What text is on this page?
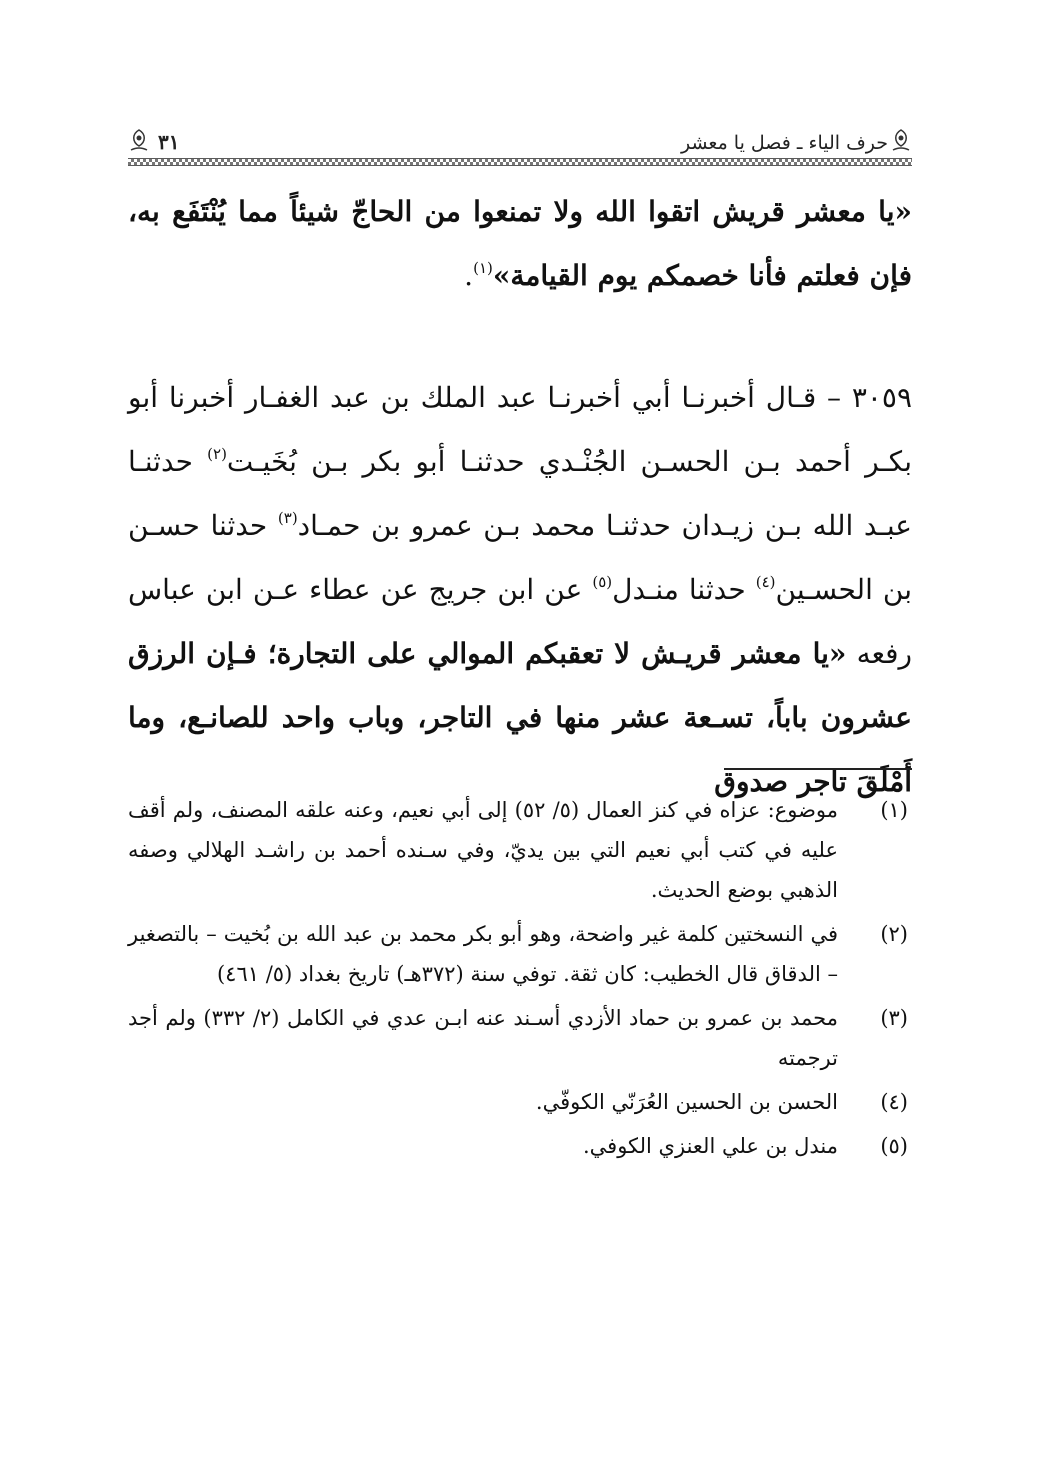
حرف الياء ـ فصل يا معشر
٣١

«يا معشر قريش اتقوا الله ولا تمنعوا من الحاجّ شيئاً مما يُنْتَفَع به، فإن فعلتم فأنا خصمكم يوم القيامة»$^{(١)}$.

٣٠٥٩ – قـال أخبرنـا أبي أخبرنـا عبد الملك بن عبد الغفـار أخبرنا أبو بكـر أحمد بـن الحسـن الجُنْـدي حدثنـا أبو بكر بـن بُخَيـت$^{(٢)}$ حدثنـا عبـد الله بـن زيـدان حدثنـا محمد بـن عمرو بن حمـاد$^{(٣)}$ حدثنا حسـن بن الحسـين$^{(٤)}$ حدثنا منـدل$^{(٥)}$ عن ابن جريج عن عطاء عـن ابن عباس رفعه «يا معشر قريـش لا تعقبكم الموالي على التجارة؛ فـإن الرزق عشرون باباً، تسـعة عشر منها في التاجر، وباب واحد للصانـع، وما أَمْلَقَ تاجر صدوق

(١)
موضوع: عزاه في كنز العمال (٥/ ٥٢) إلى أبي نعيم، وعنه علقه المصنف، ولم أقف عليه في كتب أبي نعيم التي بين يديّ، وفي سـنده أحمد بن راشـد الهلالي وصفه الذهبي بوضع الحديث.
(٢)
في النسختين كلمة غير واضحة، وهو أبو بكر محمد بن عبد الله بن بُخيت – بالتصغير – الدقاق قال الخطيب: كان ثقة. توفي سنة (٣٧٢هـ) تاريخ بغداد (٥/ ٤٦١)
(٣)
محمد بن عمرو بن حماد الأزدي أسـند عنه ابـن عدي في الكامل (٢/ ٣٣٢) ولم أجد ترجمته
(٤)
الحسن بن الحسين العُرَنّي الكوفّي.
(٥)
مندل بن علي العنزي الكوفي.
